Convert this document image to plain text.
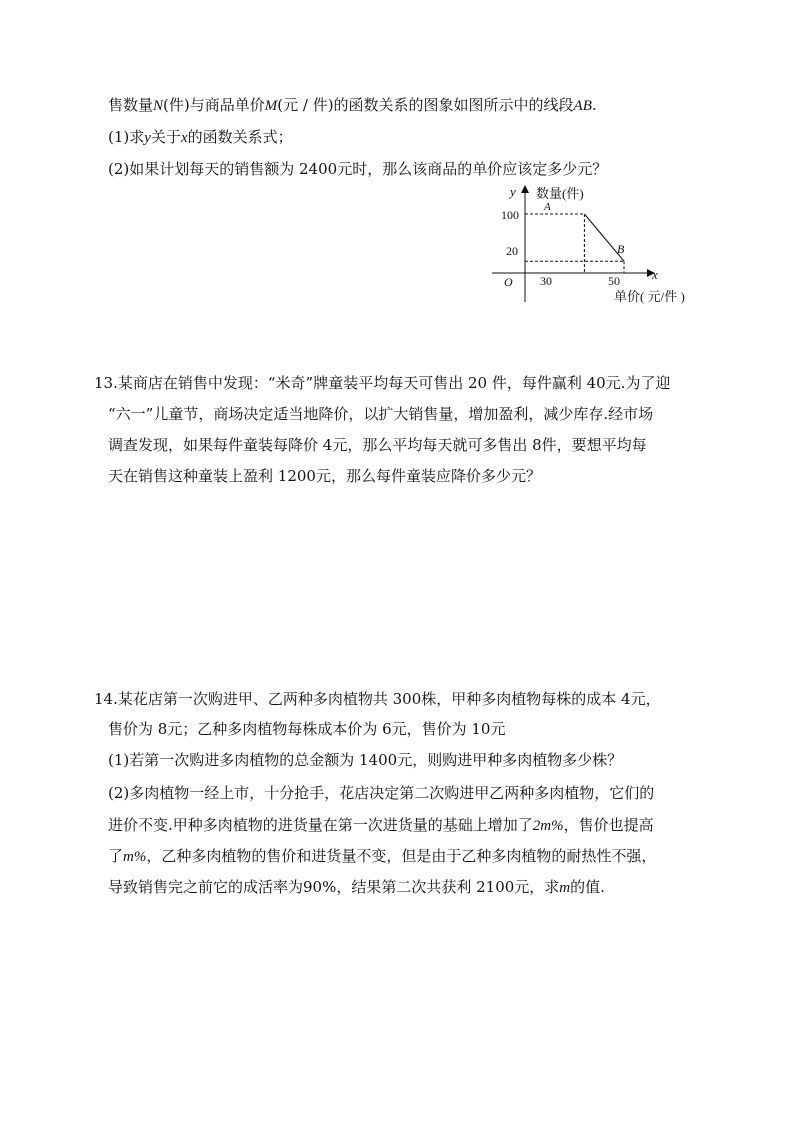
售数量N(件)与商品单价M(元 / 件)的函数关系的图象如图所示中的线段AB.
(1)求y关于x的函数关系式；
(2)如果计划每天的销售额为 2400元时，那么该商品的单价应该定多少元？
y 数量(件)
x
单价( 元/件 )
O
100
20
30	50
A
B
13.某商店在销售中发现：“米奇”牌童装平均每天可售出 20 件，每件赢利 40元.为了迎
“六一”儿童节，商场决定适当地降价，以扩大销售量，增加盈利，减少库存.经市场
调查发现，如果每件童装每降价 4元，那么平均每天就可多售出 8件，要想平均每
天在销售这种童装上盈利 1200元，那么每件童装应降价多少元？
14.某花店第一次购进甲、乙两种多肉植物共 300株，甲种多肉植物每株的成本 4元，
售价为 8元；乙种多肉植物每株成本价为 6元，售价为 10元
(1)若第一次购进多肉植物的总金额为 1400元，则购进甲种多肉植物多少株？
(2)多肉植物一经上市，十分抢手，花店决定第二次购进甲乙两种多肉植物，它们的
进价不变.甲种多肉植物的进货量在第一次进货量的基础上增加了2m%，售价也提高
了m%，乙种多肉植物的售价和进货量不变，但是由于乙种多肉植物的耐热性不强，
导致销售完之前它的成活率为90%，结果第二次共获利 2100元，求m的值.
